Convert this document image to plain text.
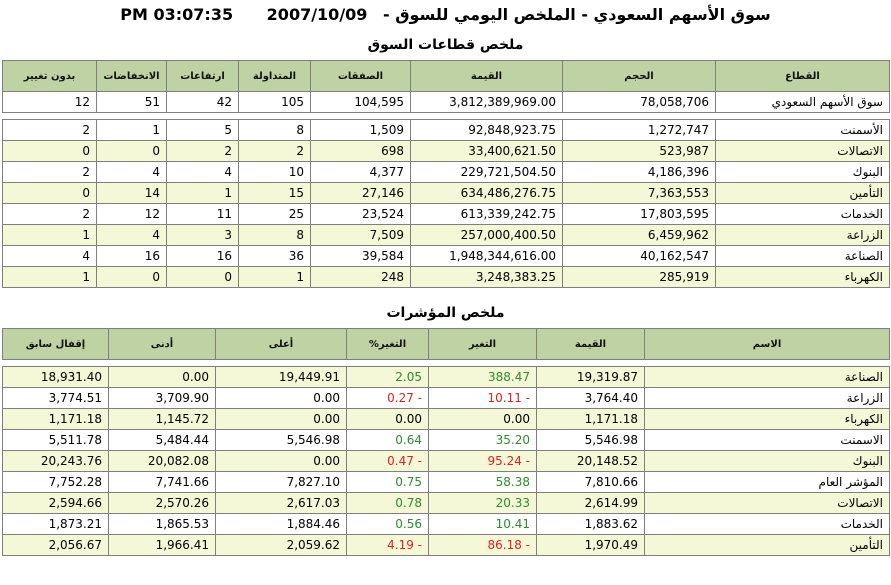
سوق الأسهم السعودي - الملخص اليومي للسوق - 2007/10/09 PM 03:07:35
ملخص قطاعات السوق
بدون تغيير	الانخفاضات	ارتفاعات	المتداولة	الصفقات	القيمة	الحجم	القطاع
12	51	42	105	104,595	3,812,389,969.00	78,058,706	سوق الأسهم السعودي

2	1	5	8	1,509	92,848,923.75	1,272,747	الأسمنت
0	0	2	2	698	33,400,621.50	523,987	الاتصالات
2	4	4	10	4,377	229,721,504.50	4,186,396	البنوك
0	14	1	15	27,146	634,486,276.75	7,363,553	التأمين
2	12	11	25	23,524	613,339,242.75	17,803,595	الخدمات
1	4	3	8	7,509	257,000,400.50	6,459,962	الزراعة
4	16	16	36	39,584	1,948,344,616.00	40,162,547	الصناعة
1	0	0	1	248	3,248,383.25	285,919	الكهرباء
ملخص المؤشرات
إقفال سابق	أدنى	أعلى	%التغير	التغير	القيمة	الاسم

18,931.40	0.00	19,449.91	2.05	388.47	19,319.87	الصناعة
3,774.51	3,709.90	0.00	0.27 -	10.11 -	3,764.40	الزراعة
1,171.18	1,145.72	0.00	0.00	0.00	1,171.18	الكهرباء
5,511.78	5,484.44	5,546.98	0.64	35.20	5,546.98	الاسمنت
20,243.76	20,082.08	0.00	0.47 -	95.24 -	20,148.52	البنوك
7,752.28	7,741.66	7,827.10	0.75	58.38	7,810.66	المؤشر العام
2,594.66	2,570.26	2,617.03	0.78	20.33	2,614.99	الاتصالات
1,873.21	1,865.53	1,884.46	0.56	10.41	1,883.62	الخدمات
2,056.67	1,966.41	2,059.62	4.19 -	86.18 -	1,970.49	التأمين
